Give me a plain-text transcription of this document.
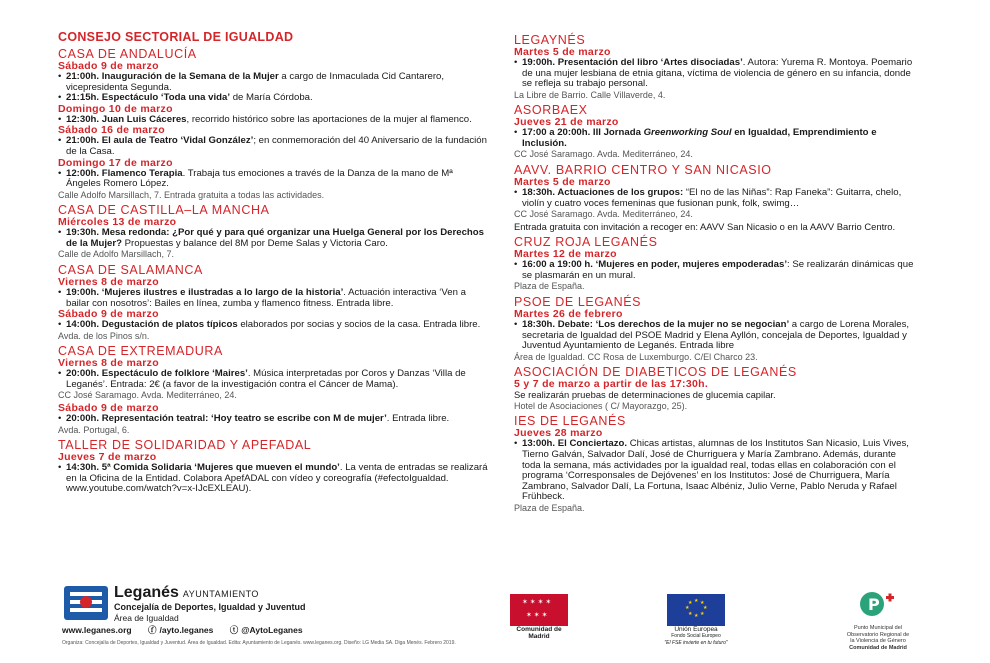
CONSEJO SECTORIAL DE IGUALDAD
CASA DE ANDALUCÍA
Sábado 9 de marzo
• 21:00h. Inauguración de la Semana de la Mujer a cargo de Inmaculada Cid Cantarero, vicepresidenta Segunda.
• 21:15h. Espectáculo ‘Toda una vida’ de María Córdoba.
Domingo 10 de marzo
• 12:30h. Juan Luis Cáceres, recorrido histórico sobre las aportaciones de la mujer al flamenco.
Sábado 16 de marzo
• 21:00h. El aula de Teatro ‘Vidal González’; en conmemoración del 40 Aniversario de la fundación de la Casa.
Domingo 17 de marzo
• 12:00h. Flamenco Terapia. Trabaja tus emociones a través de la Danza de la mano de Mª Ángeles Romero López.
Calle Adolfo Marsillach, 7. Entrada gratuita a todas las actividades.
CASA DE CASTILLA–LA MANCHA
Miércoles 13 de marzo
• 19:30h. Mesa redonda: ¿Por qué y para qué organizar una Huelga General por los Derechos de la Mujer? Propuestas y balance del 8M por Deme Salas y Victoria Caro.
Calle de Adolfo Marsillach, 7.
CASA DE SALAMANCA
Viernes 8 de marzo
• 19:00h. ‘Mujeres ilustres e ilustradas a lo largo de la historia’. Actuación interactiva ‘Ven a bailar con nosotros’: Bailes en línea, zumba y flamenco fitness. Entrada libre.
Sábado 9 de marzo
• 14:00h. Degustación de platos típicos elaborados por socias y socios de la casa. Entrada libre.
Avda. de los Pinos s/n.
CASA DE EXTREMADURA
Viernes 8 de marzo
• 20:00h. Espectáculo de folklore ‘Maires’. Música interpretadas por Coros y Danzas ‘Villa de Leganés’. Entrada: 2€ (a favor de la investigación contra el Cáncer de Mama).
CC José Saramago. Avda. Mediterráneo, 24.
Sábado 9 de marzo
• 20:00h. Representación teatral: ‘Hoy teatro se escribe con M de mujer’. Entrada libre.
Avda. Portugal, 6.
TALLER DE SOLIDARIDAD Y APEFADAL
Jueves 7 de marzo
• 14:30h. 5ª Comida Solidaria ‘Mujeres que mueven el mundo’. La venta de entradas se realizará en la Oficina de la Entidad. Colabora ApefADAL con vídeo y coreografía (#efectoIgualdad. www.youtube.com/watch?v=x-IJcEXLEAU).
LEGAYNÉS
Martes 5 de marzo
• 19:00h. Presentación del libro ‘Artes disociadas’. Autora: Yurema R. Montoya. Poemario de una mujer lesbiana de etnia gitana, víctima de violencia de género en su infancia, donde se refleja su trabajo personal.
La Libre de Barrio. Calle Villaverde, 4.
ASORBAEX
Jueves 21 de marzo
• 17:00 a 20:00h. III Jornada Greenworking Soul en Igualdad, Emprendimiento e Inclusión.
CC José Saramago. Avda. Mediterráneo, 24.
AAVV. BARRIO CENTRO Y SAN NICASIO
Martes 5 de marzo
• 18:30h. Actuaciones de los grupos: “El no de las Niñas”: Rap Faneka”: Guitarra, chelo, violín y cuatro voces femeninas que fusionan punk, folk, swimg…
CC José Saramago. Avda. Mediterráneo, 24.
Entrada gratuita con invitación a recoger en: AAVV San Nicasio o en la AAVV Barrio Centro.
CRUZ ROJA LEGANÉS
Martes 12 de marzo
• 16:00 a 19:00 h. ‘Mujeres en poder, mujeres empoderadas’: Se realizarán dinámicas que se plasmarán en un mural.
Plaza de España.
PSOE DE LEGANÉS
Martes 26 de febrero
• 18:30h. Debate: ‘Los derechos de la mujer no se negocian’ a cargo de Lorena Morales, secretaria de Igualdad del PSOE Madrid y Elena Ayllón, concejala de Deportes, Igualdad y Juventud Ayuntamiento de Leganés. Entrada libre
Área de Igualdad. CC Rosa de Luxemburgo. C/El Charco 23.
ASOCIACIÓN DE DIABETICOS DE LEGANÉS
5 y 7 de marzo a partir de las 17:30h.
Se realizarán pruebas de determinaciones de glucemia capilar.
Hotel de Asociaciones ( C/ Mayorazgo, 25).
IES DE LEGANÉS
Jueves 28 marzo
• 13:00h. El Conciertazo. Chicas artistas, alumnas de los Institutos San Nicasio, Luis Vives, Tierno Galván, Salvador Dalí, José de Churriguera y María Zambrano. Además, durante toda la semana, más actividades por la igualdad real, todas ellas en colaboración con el programa ‘Corresponsales de Dejóvenes’ en los Institutos: José de Churriguera, María Zambrano, Salvador Dalí, La Fortuna, Isaac Albéniz, Julio Verne, Pablo Neruda y Rafael Frühbeck.
Plaza de España.
Leganés AYUNTAMIENTO
Concejalía de Deportes, Igualdad y Juventud
Área de Igualdad
www.leganes.org ⓕ /ayto.leganes ⓣ @AytoLeganes
Organiza: Concejalía de Deportes, Igualdad y Juventud. Área de Igualdad. Edita: Ayuntamiento de Leganés. www.leganes.org. Diseño: LG Media SA. Diga Menés. Febrero 2019.
✶ ✶ ✶ ✶
✶ ✶ ✶
Comunidad de Madrid
★ ★
★
★
★
★
★
★
Unión Europea
Fondo Social Europeo
"El FSE invierte en tu futuro"
P
Punto Municipal del Observatorio Regional de la Violencia de Género
Comunidad de Madrid
